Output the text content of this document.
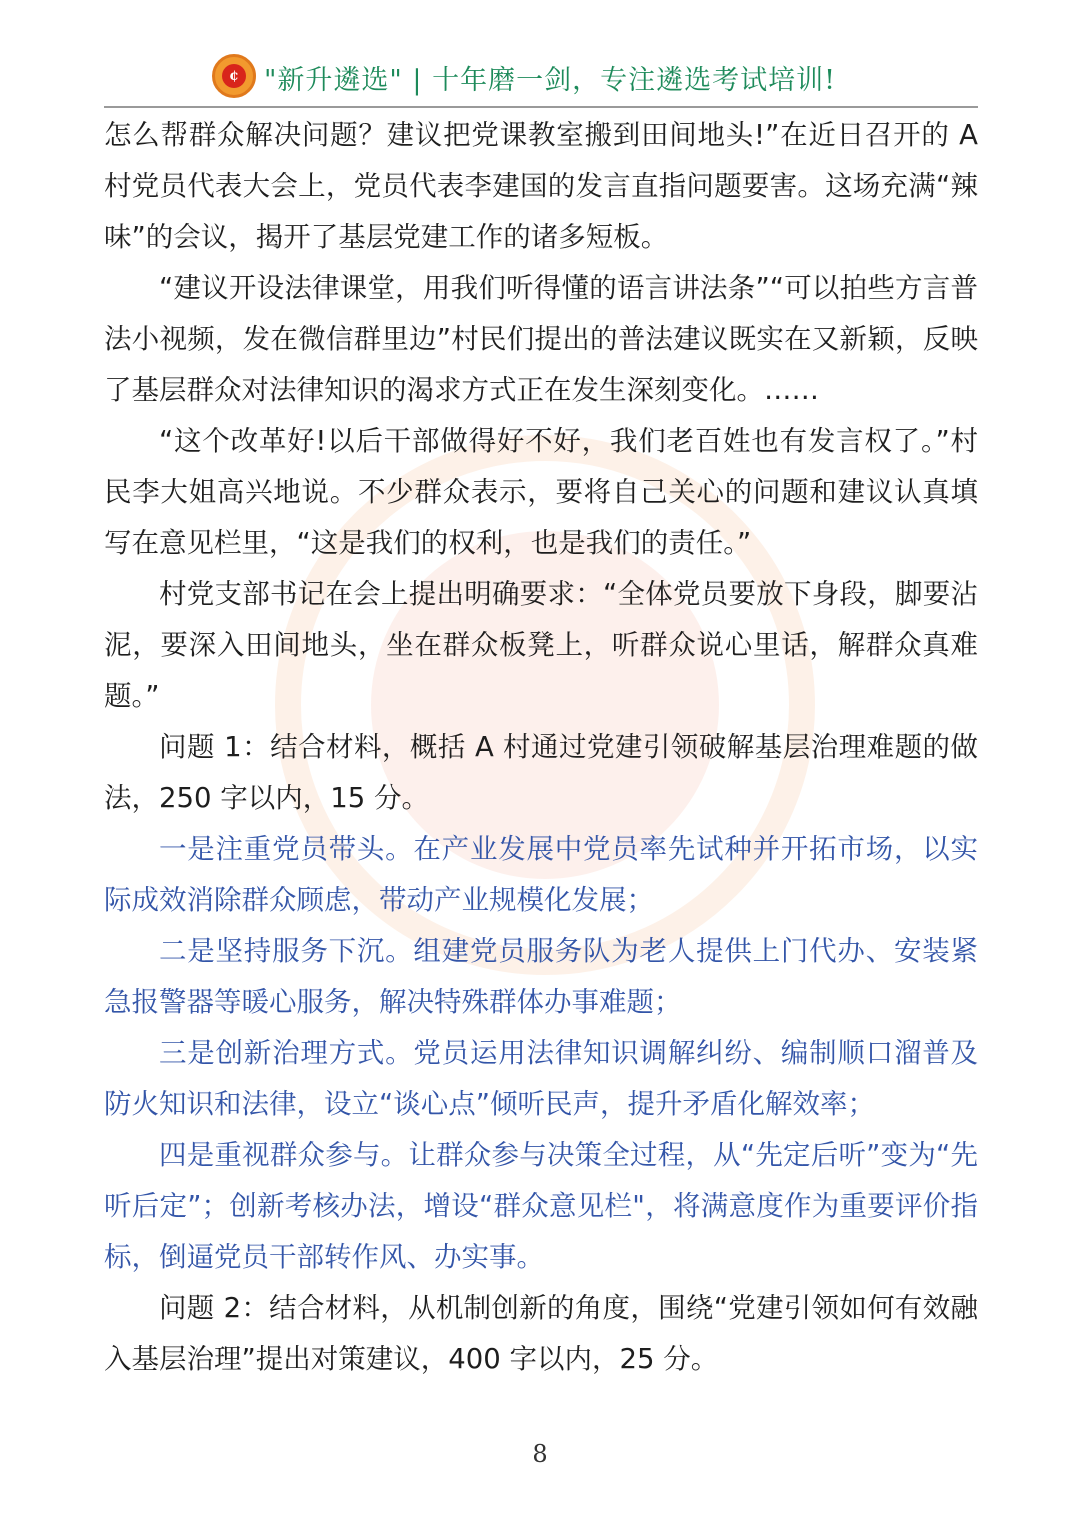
¢ "新升遴选" | 十年磨一剑，专注遴选考试培训!

怎么帮群众解决问题？建议把党课教室搬到田间地头!”在近日召开的 A 村党员代表大会上，党员代表李建国的发言直指问题要害。这场充满“辣味”的会议，揭开了基层党建工作的诸多短板。

“建议开设法律课堂，用我们听得懂的语言讲法条”“可以拍些方言普法小视频，发在微信群里边”村民们提出的普法建议既实在又新颖，反映了基层群众对法律知识的渴求方式正在发生深刻变化。……

“这个改革好!以后干部做得好不好，我们老百姓也有发言权了。”村民李大姐高兴地说。不少群众表示，要将自己关心的问题和建议认真填写在意见栏里，“这是我们的权利，也是我们的责任。”

村党支部书记在会上提出明确要求：“全体党员要放下身段，脚要沾泥，要深入田间地头，坐在群众板凳上，听群众说心里话，解群众真难题。”

问题 1：结合材料，概括 A 村通过党建引领破解基层治理难题的做法，250 字以内，15 分。

一是注重党员带头。在产业发展中党员率先试种并开拓市场，以实际成效消除群众顾虑，带动产业规模化发展；

二是坚持服务下沉。组建党员服务队为老人提供上门代办、安装紧急报警器等暖心服务，解决特殊群体办事难题；

三是创新治理方式。党员运用法律知识调解纠纷、编制顺口溜普及防火知识和法律，设立“谈心点”倾听民声，提升矛盾化解效率；

四是重视群众参与。让群众参与决策全过程，从“先定后听”变为“先听后定”；创新考核办法，增设“群众意见栏"，将满意度作为重要评价指标，倒逼党员干部转作风、办实事。

问题 2：结合材料，从机制创新的角度，围绕“党建引领如何有效融入基层治理”提出对策建议，400 字以内，25 分。

8
